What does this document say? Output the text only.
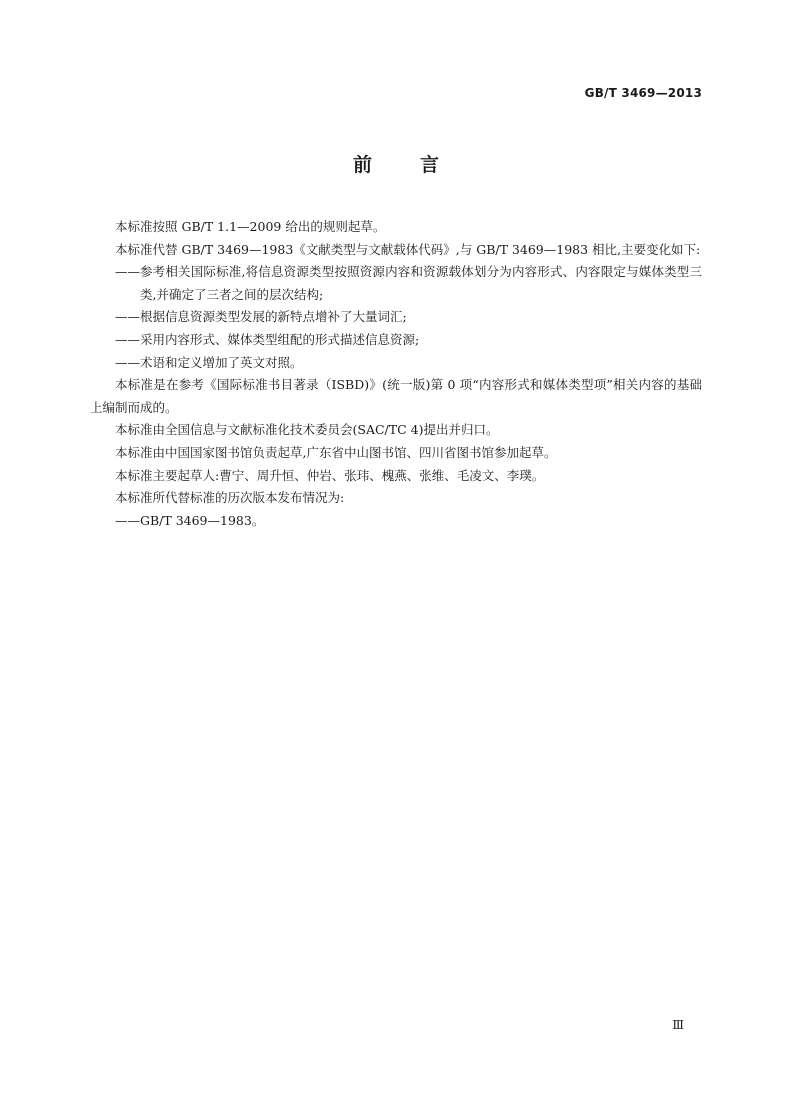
GB/T 3469—2013
前	言

本标准按照 GB/T 1.1—2009 给出的规则起草。

本标准代替 GB/T 3469—1983《文献类型与文献载体代码》,与 GB/T 3469—1983 相比,主要变化如下:

—— 参考相关国际标准,将信息资源类型按照资源内容和资源载体划分为内容形式、内容限定与媒体类型三类,并确定了三者之间的层次结构;
—— 根据信息资源类型发展的新特点增补了大量词汇;
—— 采用内容形式、媒体类型组配的形式描述信息资源;
—— 术语和定义增加了英文对照。

本标准是在参考《国际标准书目著录（ISBD)》(统一版)第 0 项“内容形式和媒体类型项”相关内容的基础上编制而成的。

本标准由全国信息与文献标准化技术委员会(SAC/TC 4)提出并归口。

本标准由中国国家图书馆负责起草,广东省中山图书馆、四川省图书馆参加起草。

本标准主要起草人:曹宁、周升恒、仲岩、张玮、槐燕、张维、毛凌文、李璞。

本标准所代替标准的历次版本发布情况为:

—— GB/T 3469—1983。
Ⅲ
